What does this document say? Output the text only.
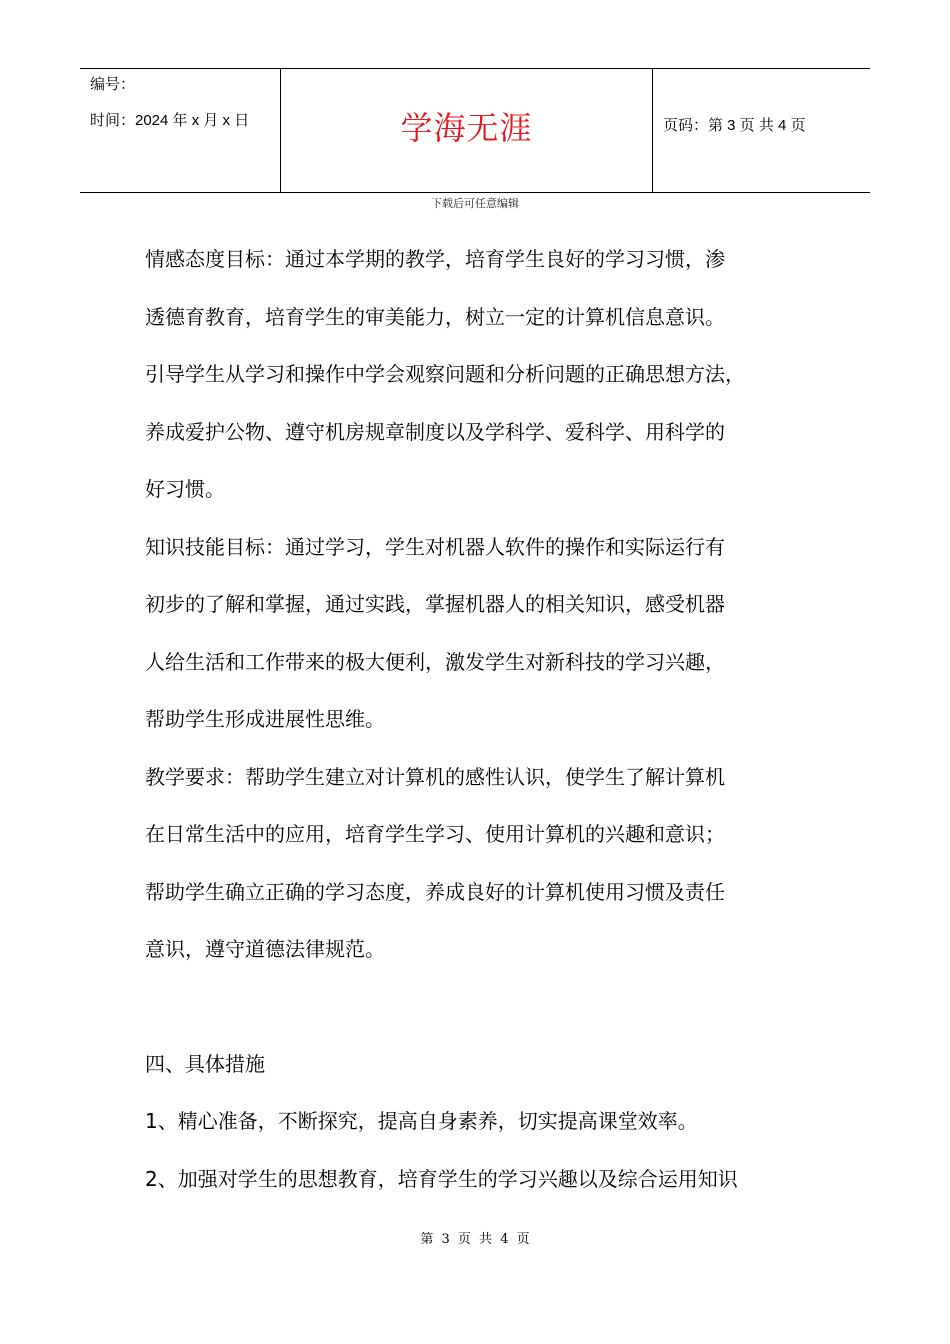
编号：
时间：2024 年 x 月 x 日	学海无涯	页码：第 3 页 共 4 页
下载后可任意编辑
情感态度目标：通过本学期的教学，培育学生良好的学习习惯，渗
透德育教育，培育学生的审美能力，树立一定的计算机信息意识。
引导学生从学习和操作中学会观察问题和分析问题的正确思想方法，
养成爱护公物、遵守机房规章制度以及学科学、爱科学、用科学的
好习惯。
知识技能目标：通过学习，学生对机器人软件的操作和实际运行有
初步的了解和掌握，通过实践，掌握机器人的相关知识，感受机器
人给生活和工作带来的极大便利，激发学生对新科技的学习兴趣，
帮助学生形成进展性思维。
教学要求：帮助学生建立对计算机的感性认识，使学生了解计算机
在日常生活中的应用，培育学生学习、使用计算机的兴趣和意识；
帮助学生确立正确的学习态度，养成良好的计算机使用习惯及责任
意识，遵守道德法律规范。
四、具体措施
1、精心准备，不断探究，提高自身素养，切实提高课堂效率。
2、加强对学生的思想教育，培育学生的学习兴趣以及综合运用知识
第 3 页 共 4 页
